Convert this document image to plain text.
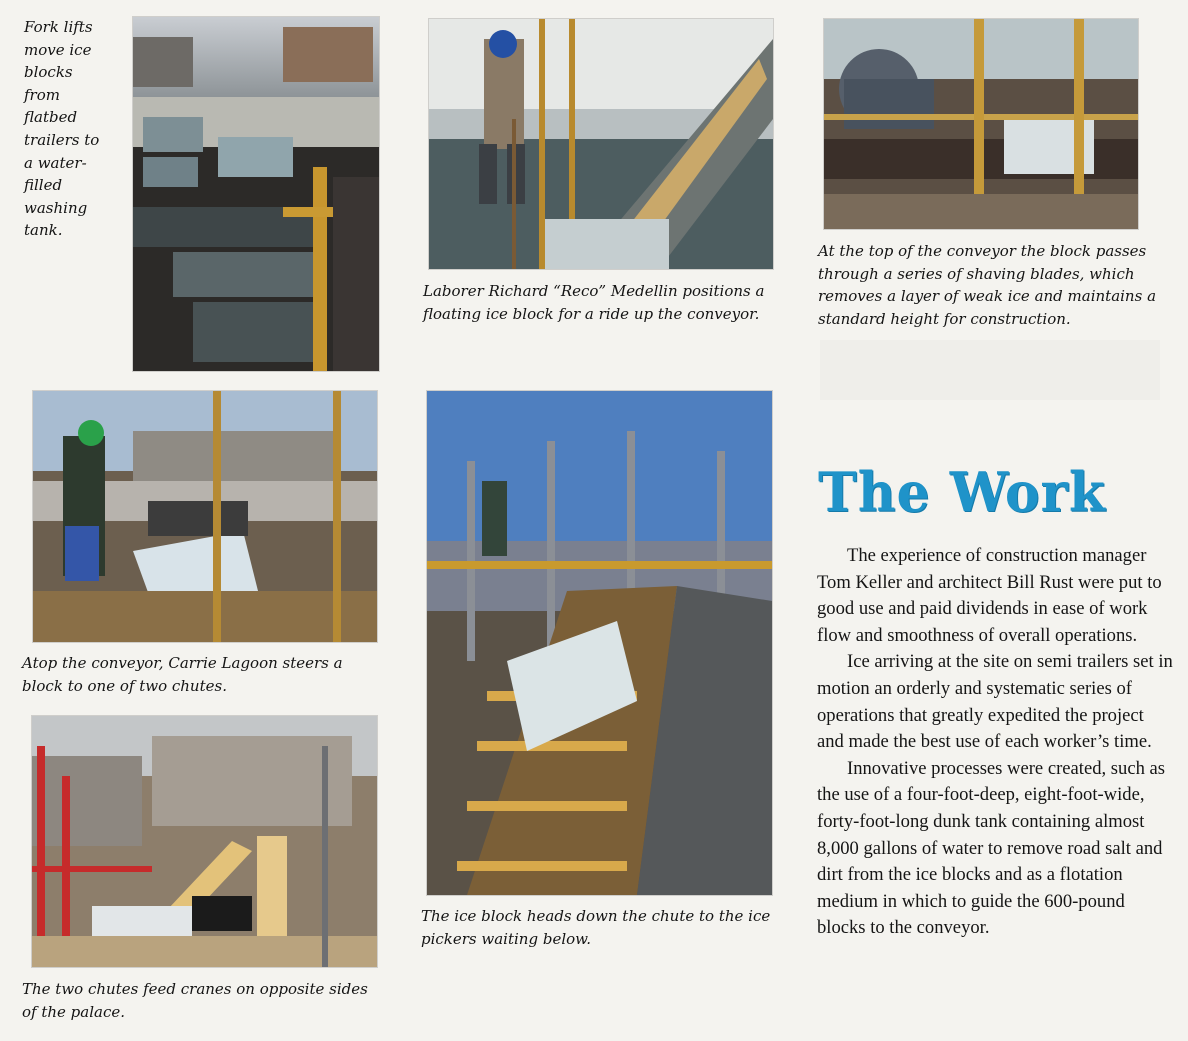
Fork lifts
move ice
blocks
from
flatbed
trailers to
a water-
filled
washing
tank.

Laborer Richard “Reco” Medellin positions a floating ice block for a ride up the conveyor.

At the top of the conveyor the block passes through a series of shaving blades, which removes a layer of weak ice and maintains a standard height for construction.

Atop the conveyor, Carrie Lagoon steers a block to one of two chutes.

The ice block heads down the chute to the ice pickers waiting below.

The two chutes feed cranes on opposite sides of the palace.

The Work

The experience of construction manager Tom Keller and architect Bill Rust were put to good use and paid dividends in ease of work flow and smoothness of overall operations.

Ice arriving at the site on semi trailers set in motion an orderly and systematic series of operations that greatly expedited the project and made the best use of each worker’s time.

Innovative processes were created, such as the use of a four-foot-deep, eight-foot-wide, forty-foot-long dunk tank containing almost 8,000 gallons of water to remove road salt and dirt from the ice blocks and as a flotation medium in which to guide the 600-pound blocks to the conveyor.
